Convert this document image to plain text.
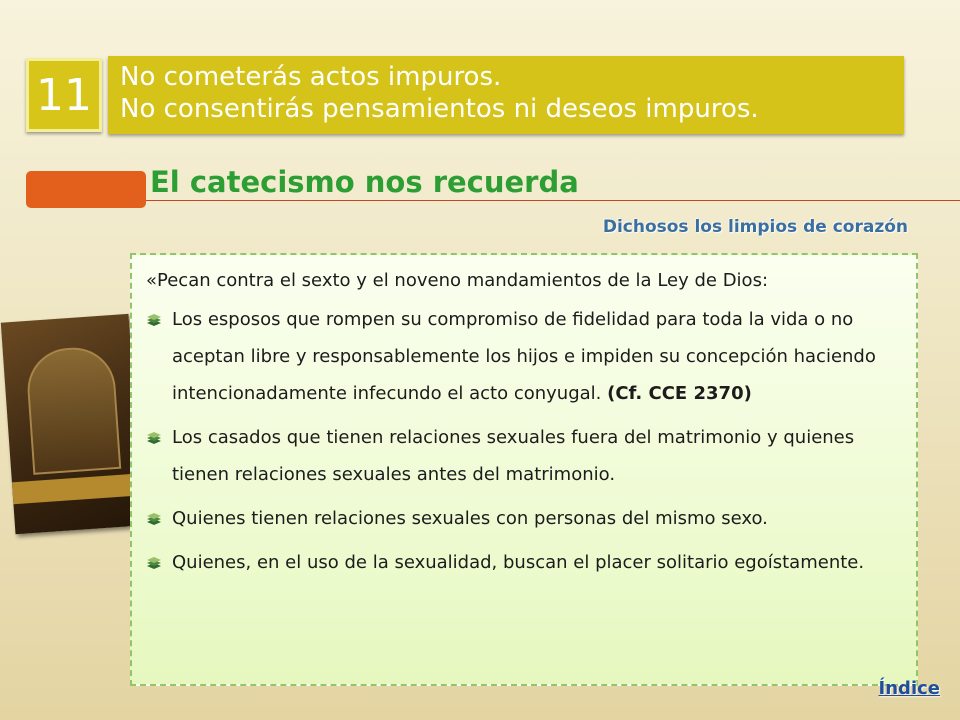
11 No cometerás actos impuros.
No consentirás pensamientos ni deseos impuros.
El catecismo nos recuerda
Dichosos los limpios de corazón

«Pecan contra el sexto y el noveno mandamientos de la Ley de Dios:

Los esposos que rompen su compromiso de fidelidad para toda la vida o no aceptan libre y responsablemente los hijos e impiden su concepción haciendo intencionadamente infecundo el acto conyugal. (Cf. CCE 2370)
Los casados que tienen relaciones sexuales fuera del matrimonio y quienes tienen relaciones sexuales antes del matrimonio.
Quienes tienen relaciones sexuales con personas del mismo sexo.
Quienes, en el uso de la sexualidad, buscan el placer solitario egoístamente.
Índice
